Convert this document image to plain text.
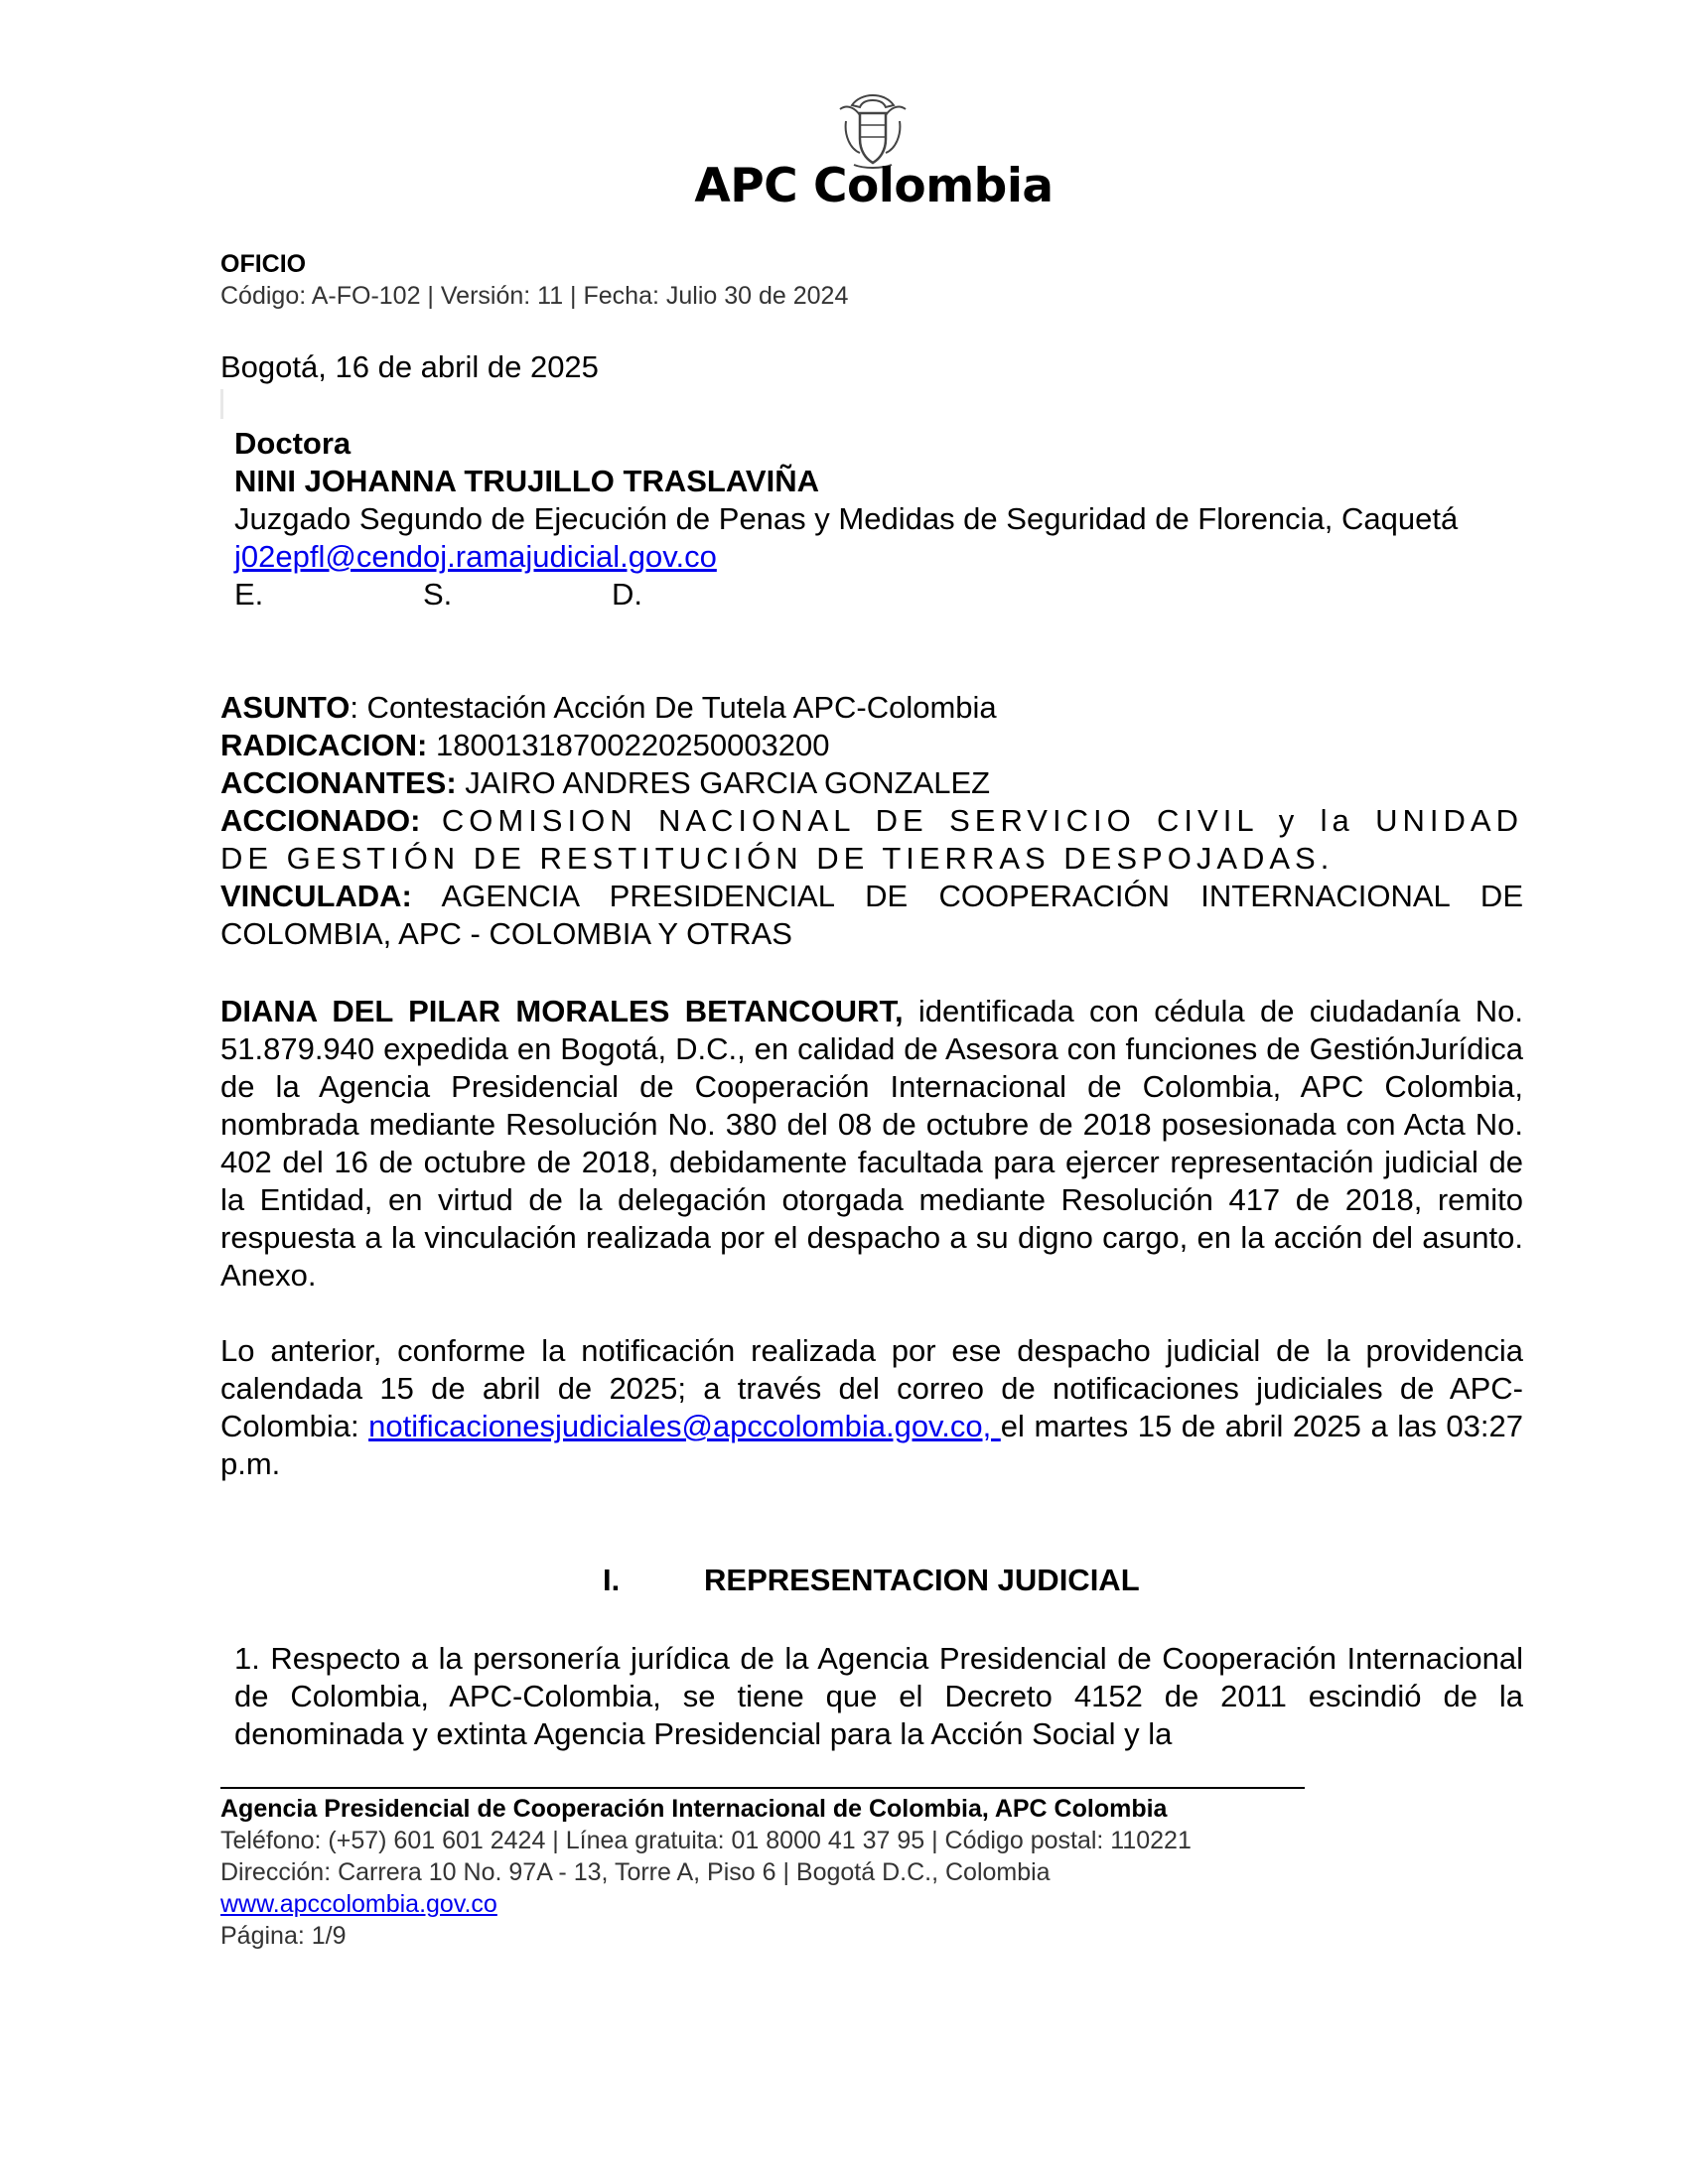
APC Colombia
OFICIO
Código: A-FO-102 | Versión: 11 | Fecha: Julio 30 de 2024
Bogotá, 16 de abril de 2025
Doctora
NINI JOHANNA TRUJILLO TRASLAVIÑA
Juzgado Segundo de Ejecución de Penas y Medidas de Seguridad de Florencia, Caquetá
j02epfl@cendoj.ramajudicial.gov.co
E.	S.	D.

ASUNTO: Contestación Acción De Tutela APC-Colombia

RADICACION: 18001318700220250003200

ACCIONANTES: JAIRO ANDRES GARCIA GONZALEZ

ACCIONADO: COMISION NACIONAL DE SERVICIO CIVIL y la UNIDAD DE GESTIÓN DE RESTITUCIÓN DE TIERRAS DESPOJADAS.

VINCULADA: AGENCIA PRESIDENCIAL DE COOPERACIÓN INTERNACIONAL DE COLOMBIA, APC - COLOMBIA Y OTRAS

DIANA DEL PILAR MORALES BETANCOURT, identificada con cédula de ciudadanía No. 51.879.940 expedida en Bogotá, D.C., en calidad de Asesora con funciones de GestiónJurídica de la Agencia Presidencial de Cooperación Internacional de Colombia, APC Colombia, nombrada mediante Resolución No. 380 del 08 de octubre de 2018 posesionada con Acta No. 402 del 16 de octubre de 2018, debidamente facultada para ejercer representación judicial de la Entidad, en virtud de la delegación otorgada mediante Resolución 417 de 2018, remito respuesta a la vinculación realizada por el despacho a su digno cargo, en la acción del asunto. Anexo.

Lo anterior, conforme la notificación realizada por ese despacho judicial de la providencia calendada 15 de abril de 2025; a través del correo de notificaciones judiciales de APC-Colombia: notificacionesjudiciales@apccolombia.gov.co, el martes 15 de abril 2025 a las 03:27 p.m.

I.	REPRESENTACION JUDICIAL

1. Respecto a la personería jurídica de la Agencia Presidencial de Cooperación Internacional de Colombia, APC-Colombia, se tiene que el Decreto 4152 de 2011 escindió de la denominada y extinta Agencia Presidencial para la Acción Social y la

Agencia Presidencial de Cooperación Internacional de Colombia, APC Colombia
Teléfono: (+57) 601 601 2424 | Línea gratuita: 01 8000 41 37 95 | Código postal: 110221
Dirección: Carrera 10 No. 97A - 13, Torre A, Piso 6 | Bogotá D.C., Colombia
www.apccolombia.gov.co
Página: 1/9
